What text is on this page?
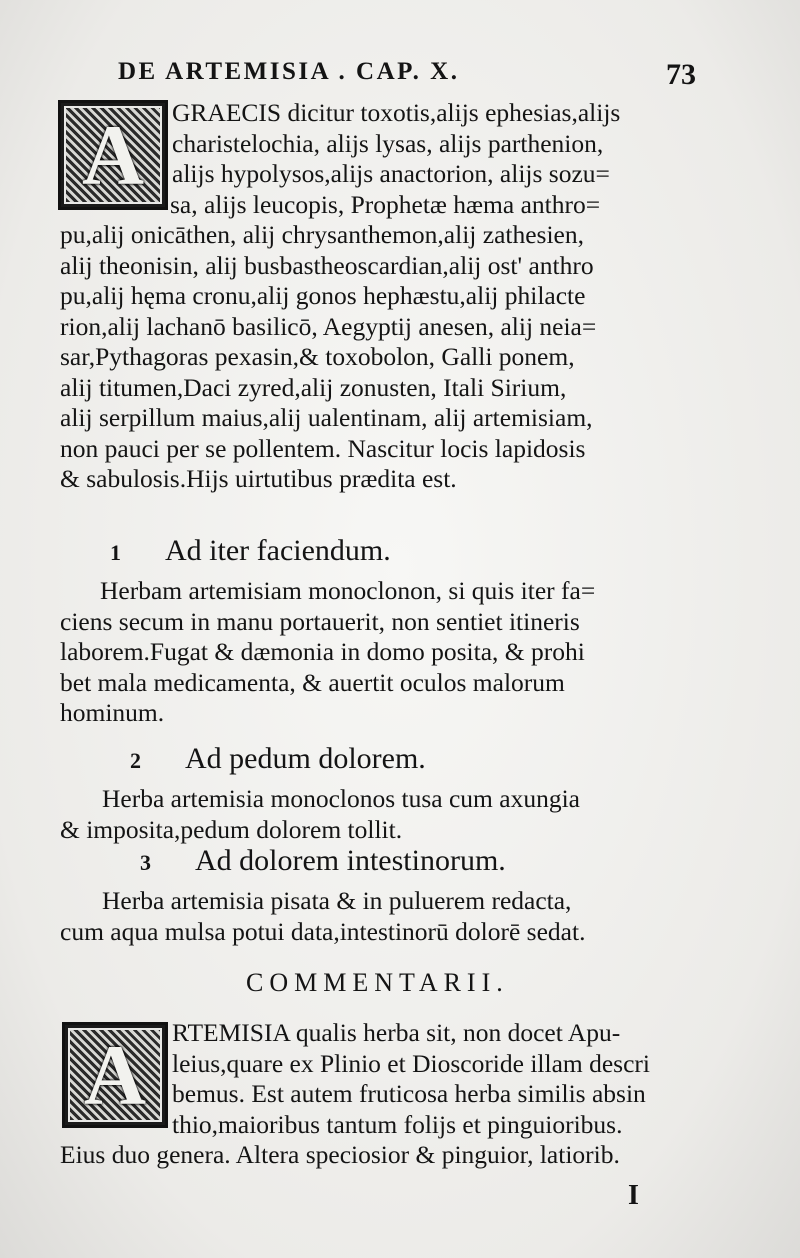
DE ARTEMISIA . CAP. X.	73
A	GRAECIS dicitur toxotis,alijs ephesias,alijs
charistelochia, alijs lysas, alijs parthenion,
alijs hypolysos,alijs anactorion, alijs sozu=
sa, alijs leucopis, Prophetæ hæma anthro=
pu,alij onicāthen, alij chrysanthemon,alij zathesien,
alij theonisin, alij busbastheoscardian,alij ost' anthro
pu,alij hęma cronu,alij gonos hephæstu,alij philacte
rion,alij lachanō basilicō, Aegyptij anesen, alij neia=
sar,Pythagoras pexasin,& toxobolon, Galli ponem,
alij titumen,Daci zyred,alij zonusten, Itali Sirium,
alij serpillum maius,alij ualentinam, alij artemisiam,
non pauci per se pollentem. Nascitur locis lapidosis
& sabulosis.Hijs uirtutibus prædita est.
1 Ad iter faciendum.
Herbam artemisiam monoclonon, si quis iter fa=
ciens secum in manu portauerit, non sentiet itineris
laborem.Fugat & dæmonia in domo posita, & prohi
bet mala medicamenta, & auertit oculos malorum
hominum.
2 Ad pedum dolorem.
Herba artemisia monoclonos tusa cum axungia
& imposita,pedum dolorem tollit.
3 Ad dolorem intestinorum.
Herba artemisia pisata & in puluerem redacta,
cum aqua mulsa potui data,intestinorū dolorē sedat.
COMMENTARII.
A	RTEMISIA qualis herba sit, non docet Apu-
leius,quare ex Plinio et Dioscoride illam descri
bemus. Est autem fruticosa herba similis absin
thio,maioribus tantum folijs et pinguioribus.
Eius duo genera. Altera speciosior & pinguior, latiorib.
I
